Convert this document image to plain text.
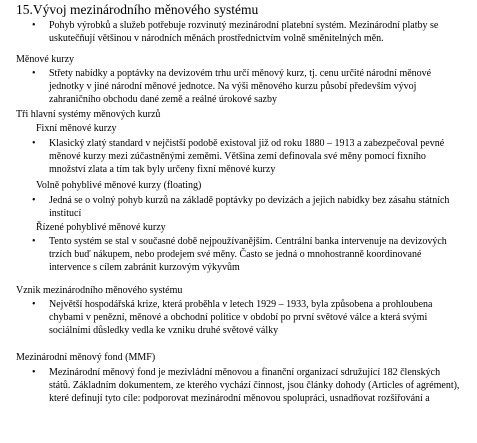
15.Vývoj mezinárodního měnového systému
• Pohyb výrobků a služeb potřebuje rozvinutý mezinárodní platební systém. Mezinárodní platby se
uskutečňují většinou v národních měnách prostřednictvím volně směnitelných měn.
Měnové kurzy
• Střety nabídky a poptávky na devizovém trhu určí měnový kurz, tj. cenu určité národní měnové
jednotky v jiné národní měnové jednotce. Na výši měnového kurzu působí především vývoj
zahraničního obchodu dané země a reálné úrokové sazby
Tři hlavní systémy měnových kurzů
Fixní měnové kurzy
• Klasický zlatý standard v nejčistší podobě existoval již od roku 1880 – 1913 a zabezpečoval pevné
měnové kurzy mezi zúčastněnými zeměmi. Většina zemí definovala své měny pomocí fixního
množství zlata a tím tak byly určeny fixní měnové kurzy
Volně pohyblivé měnové kurzy (floating)
• Jedná se o volný pohyb kurzů na základě poptávky po devizách a jejich nabídky bez zásahu státních
institucí
Řízené pohyblivé měnové kurzy
• Tento systém se stal v současné době nejpoužívanějším. Centrální banka intervenuje na devizových
trzích buď nákupem, nebo prodejem své měny. Často se jedná o mnohostranně koordinované
intervence s cílem zabránit kurzovým výkyvům
Vznik mezinárodního měnového systému
• Největší hospodářská krize, která proběhla v letech 1929 – 1933, byla způsobena a prohloubena
chybami v penězní, měnové a obchodní politice v období po první světové válce a která svými
sociálními důsledky vedla ke vzniku druhé světové války
Mezinárodní měnový fond (MMF)
• Mezinárodní měnový fond je mezivládní měnovou a finanční organizací sdružující 182 členských
států. Základním dokumentem, ze kterého vychází činnost, jsou články dohody (Articles of agrément),
které definují tyto cíle: podporovat mezinárodní měnovou spolupráci, usnadňovat rozšiřování a
